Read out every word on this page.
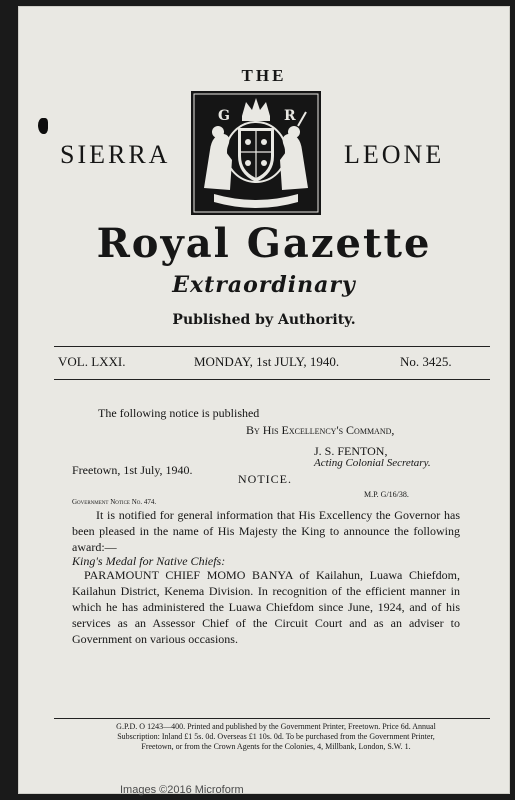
THE
SIERRA	LEONE
G	R
Royal Gazette
Extraordinary
Published by Authority.
VOL. LXXI.	MONDAY, 1st JULY, 1940.	No. 3425.
The following notice is published
By His Excellency's Command,
J. S. FENTON,
Acting Colonial Secretary.
Freetown, 1st July, 1940.
NOTICE.
M.P. G/16/38.
Government Notice No. 474.
It is notified for general information that His Excellency the Governor has been pleased in the name of His Majesty the King to announce the following award:—
King's Medal for Native Chiefs:
PARAMOUNT CHIEF MOMO BANYA of Kailahun, Luawa Chiefdom, Kailahun District, Kenema Division. In recognition of the efficient manner in which he has administered the Luawa Chiefdom since June, 1924, and of his services as an Assessor Chief of the Circuit Court and as an adviser to Government on various occasions.
G.P.D. O 1243—400. Printed and published by the Government Printer, Freetown. Price 6d. Annual
Subscription: Inland £1 5s. 0d. Overseas £1 10s. 0d. To be purchased from the Government Printer,
Freetown, or from the Crown Agents for the Colonies, 4, Millbank, London, S.W. 1.
Images ©2016 Microform
